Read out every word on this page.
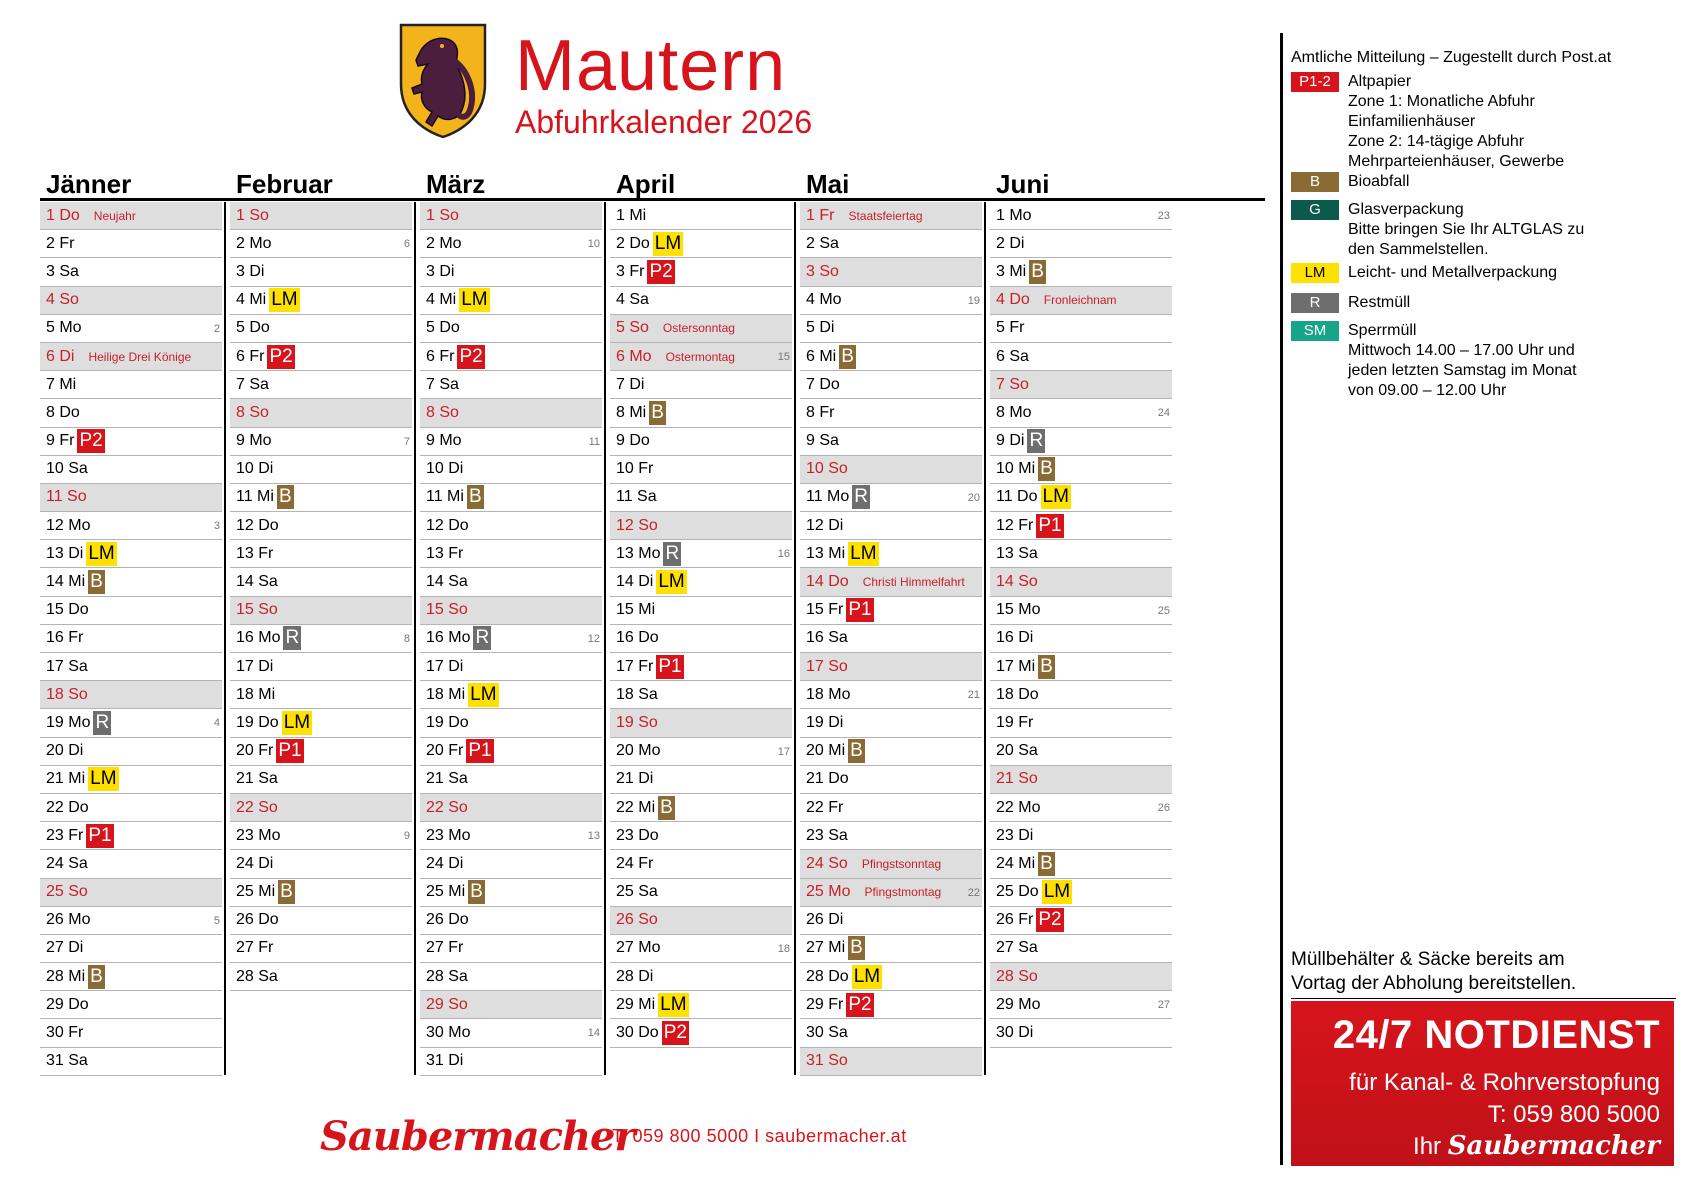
Mautern
Abfuhrkalender 2026
Jänner
1 Do Neujahr
2 Fr
3 Sa
4 So
5 Mo	2
6 Di Heilige Drei Könige
7 Mi
8 Do
9 Fr P2
10 Sa
11 So
12 Mo	3
13 Di LM
14 Mi B
15 Do
16 Fr
17 Sa
18 So
19 Mo R	4
20 Di
21 Mi LM
22 Do
23 Fr P1
24 Sa
25 So
26 Mo	5
27 Di
28 Mi B
29 Do
30 Fr
31 Sa
Februar
1 So
2 Mo	6
3 Di
4 Mi LM
5 Do
6 Fr P2
7 Sa
8 So
9 Mo	7
10 Di
11 Mi B
12 Do
13 Fr
14 Sa
15 So
16 Mo R	8
17 Di
18 Mi
19 Do LM
20 Fr P1
21 Sa
22 So
23 Mo	9
24 Di
25 Mi B
26 Do
27 Fr
28 Sa
März
1 So
2 Mo	10
3 Di
4 Mi LM
5 Do
6 Fr P2
7 Sa
8 So
9 Mo	11
10 Di
11 Mi B
12 Do
13 Fr
14 Sa
15 So
16 Mo R	12
17 Di
18 Mi LM
19 Do
20 Fr P1
21 Sa
22 So
23 Mo	13
24 Di
25 Mi B
26 Do
27 Fr
28 Sa
29 So
30 Mo	14
31 Di
April
1 Mi
2 Do LM
3 Fr P2
4 Sa
5 So Ostersonntag
6 Mo Ostermontag	15
7 Di
8 Mi B
9 Do
10 Fr
11 Sa
12 So
13 Mo R	16
14 Di LM
15 Mi
16 Do
17 Fr P1
18 Sa
19 So
20 Mo	17
21 Di
22 Mi B
23 Do
24 Fr
25 Sa
26 So
27 Mo	18
28 Di
29 Mi LM
30 Do P2
Mai
1 Fr Staatsfeiertag
2 Sa
3 So
4 Mo	19
5 Di
6 Mi B
7 Do
8 Fr
9 Sa
10 So
11 Mo R	20
12 Di
13 Mi LM
14 Do Christi Himmelfahrt
15 Fr P1
16 Sa
17 So
18 Mo	21
19 Di
20 Mi B
21 Do
22 Fr
23 Sa
24 So Pfingstsonntag
25 Mo Pfingstmontag 22
26 Di
27 Mi B
28 Do LM
29 Fr P2
30 Sa
31 So
Juni
1 Mo	23
2 Di
3 Mi B
4 Do Fronleichnam
5 Fr
6 Sa
7 So
8 Mo	24
9 Di R
10 Mi B
11 Do LM
12 Fr P1
13 Sa
14 So
15 Mo	25
16 Di
17 Mi B
18 Do
19 Fr
20 Sa
21 So
22 Mo	26
23 Di
24 Mi B
25 Do LM
26 Fr P2
27 Sa
28 So
29 Mo	27
30 Di
Amtliche Mitteilung – Zugestellt durch Post.at
P1-2	Altpapier
Zone 1: Monatliche Abfuhr
Einfamilienhäuser
Zone 2: 14-tägige Abfuhr
Mehrparteienhäuser, Gewerbe
B	Bioabfall
G	Glasverpackung
Bitte bringen Sie Ihr ALTGLAS zu
den Sammelstellen.
LM	Leicht- und Metallverpackung
R	Restmüll
SM	Sperrmüll
Mittwoch 14.00 – 17.00 Uhr und
jeden letzten Samstag im Monat
von 09.00 – 12.00 Uhr
Müllbehälter & Säcke bereits am
Vortag der Abholung bereitstellen.
24/7 NOTDIENST
für Kanal- & Rohrverstopfung
T: 059 800 5000
Ihr Saubermacher
Saubermacher
T: 059 800 5000 I saubermacher.at
